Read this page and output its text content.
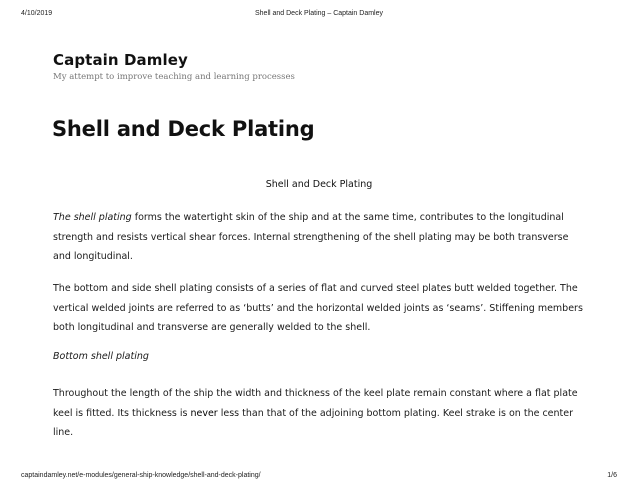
4/10/2019	Shell and Deck Plating – Captain Damley
Captain Damley

My attempt to improve teaching and learning processes

Shell and Deck Plating

Shell and Deck Plating

The shell plating forms the watertight skin of the ship and at the same time, contributes to the longitudinal strength and resists vertical shear forces. Internal strengthening of the shell plating may be both transverse and longitudinal.

The bottom and side shell plating consists of a series of flat and curved steel plates butt welded together. The vertical welded joints are referred to as ‘butts’ and the horizontal welded joints as ‘seams’. Stiffening members both longitudinal and transverse are generally welded to the shell.

Bottom shell plating

Throughout the length of the ship the width and thickness of the keel plate remain constant where a flat plate keel is fitted. Its thickness is never less than that of the adjoining bottom plating. Keel strake is on the center line.

captaindamley.net/e-modules/general-ship-knowledge/shell-and-deck-plating/	1/6
